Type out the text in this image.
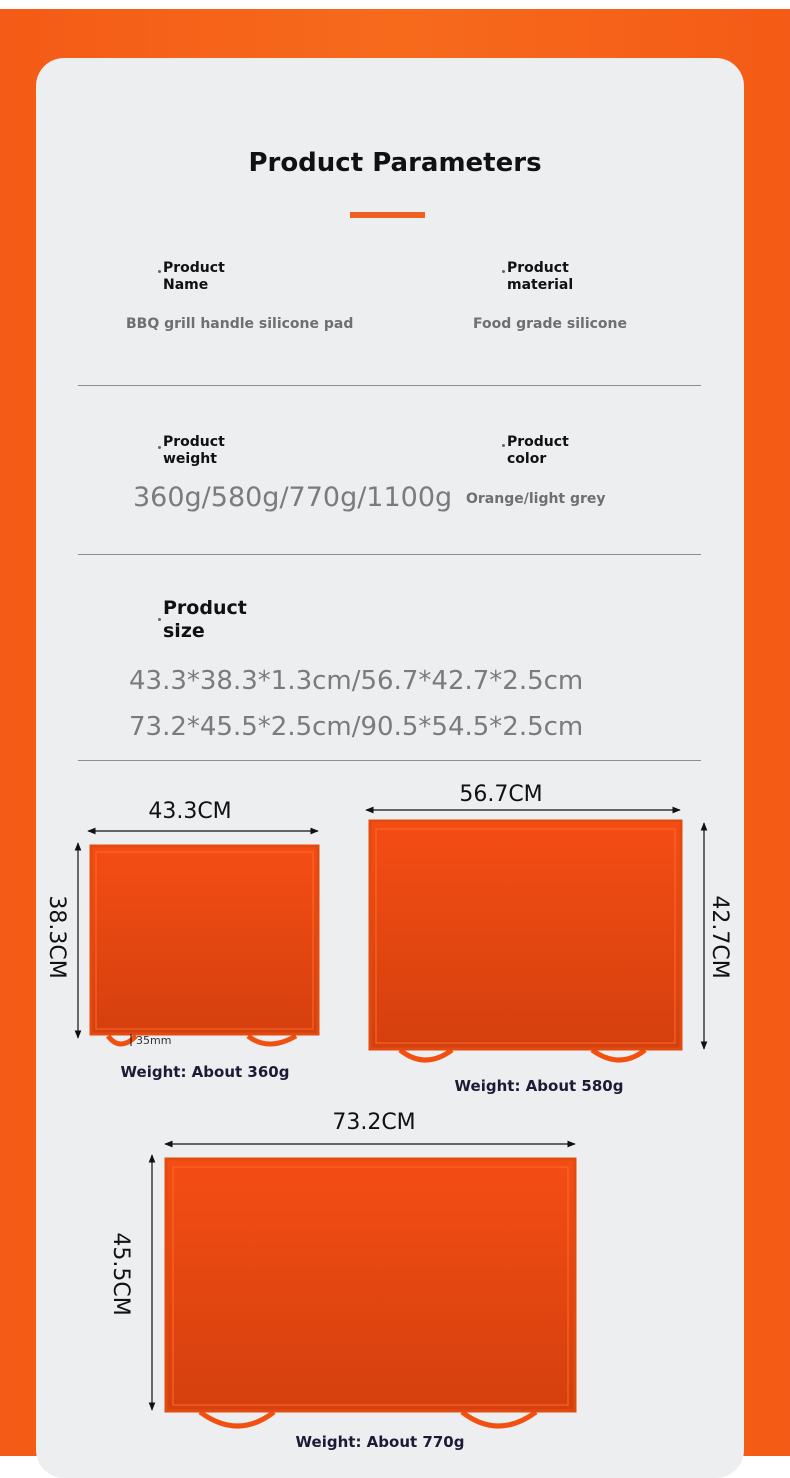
Product Parameters
Product
Name
BBQ grill handle silicone pad
Product
material
Food grade silicone
Product
weight
360g/580g/770g/1100g
Product
color
Orange/light grey
Product
size
43.3*38.3*1.3cm/56.7*42.7*2.5cm
73.2*45.5*2.5cm/90.5*54.5*2.5cm
43.3CM
38.3CM
35mm
Weight: About 360g
56.7CM
42.7CM
Weight: About 580g
73.2CM
45.5CM
Weight: About 770g
